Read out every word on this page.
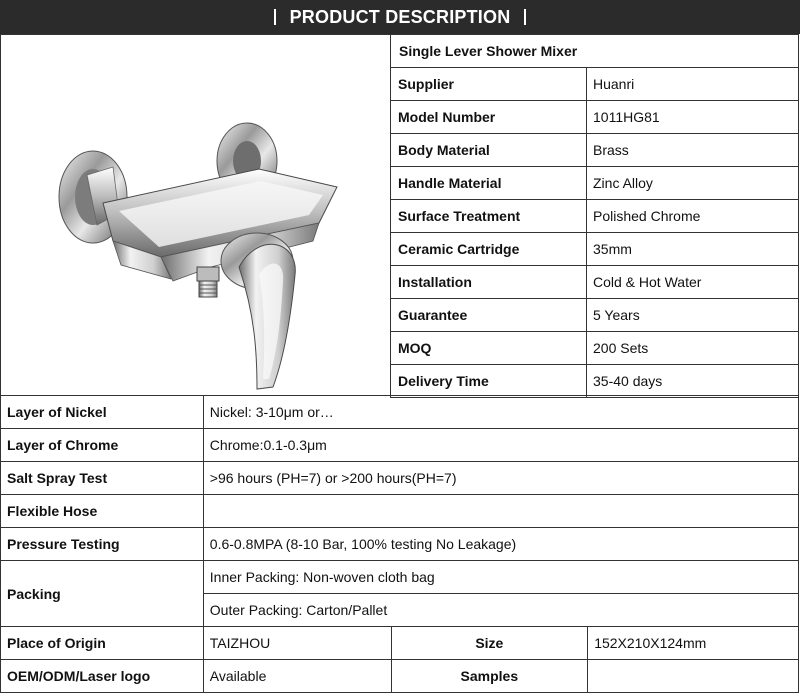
PRODUCT DESCRIPTION
Single Lever Shower Mixer	
Supplier	Huanri
Model Number	1011HG81
Body Material	Brass
Handle Material	Zinc Alloy
Surface Treatment	Polished Chrome
Ceramic Cartridge	35mm
Installation	Cold & Hot Water
Guarantee	5 Years
MOQ	200 Sets
Delivery Time	35-40 days
Layer of Nickel	Nickel: 3-10μm or…		
Layer of Chrome	Chrome:0.1-0.3μm		
Salt Spray Test	>96 hours (PH=7) or >200 hours(PH=7)		
Flexible Hose			
Pressure Testing	0.6-0.8MPA (8-10 Bar, 100% testing No Leakage)		
Packing	Inner Packing: Non-woven cloth bag		
	Outer Packing: Carton/Pallet		
Place of Origin	TAIZHOU	Size	152X210X124mm
OEM/ODM/Laser logo	Available	Samples	
